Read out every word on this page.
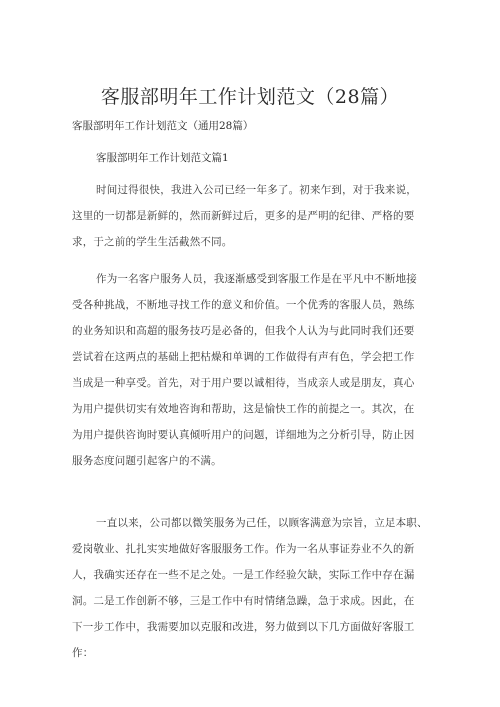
客服部明年工作计划范文（28篇）

客服部明年工作计划范文（通用28篇）

客服部明年工作计划范文篇1

时间过得很快，我进入公司已经一年多了。初来乍到，对于我来说，
这里的一切都是新鲜的，然而新鲜过后，更多的是严明的纪律、严格的要
求，于之前的学生生活截然不同。
作为一名客户服务人员，我逐渐感受到客服工作是在平凡中不断地接
受各种挑战，不断地寻找工作的意义和价值。一个优秀的客服人员，熟练
的业务知识和高超的服务技巧是必备的，但我个人认为与此同时我们还要
尝试着在这两点的基础上把枯燥和单调的工作做得有声有色，学会把工作
当成是一种享受。首先，对于用户要以诚相待，当成亲人或是朋友，真心
为用户提供切实有效地咨询和帮助，这是愉快工作的前提之一。其次，在
为用户提供咨询时要认真倾听用户的问题，详细地为之分析引导，防止因
服务态度问题引起客户的不满。
一直以来，公司都以微笑服务为己任，以顾客满意为宗旨，立足本职、
爱岗敬业、扎扎实实地做好客服服务工作。作为一名从事证券业不久的新
人，我确实还存在一些不足之处。一是工作经验欠缺，实际工作中存在漏
洞。二是工作创新不够，三是工作中有时情绪急躁，急于求成。因此，在
下一步工作中，我需要加以克服和改进，努力做到以下几方面做好客服工
作：
